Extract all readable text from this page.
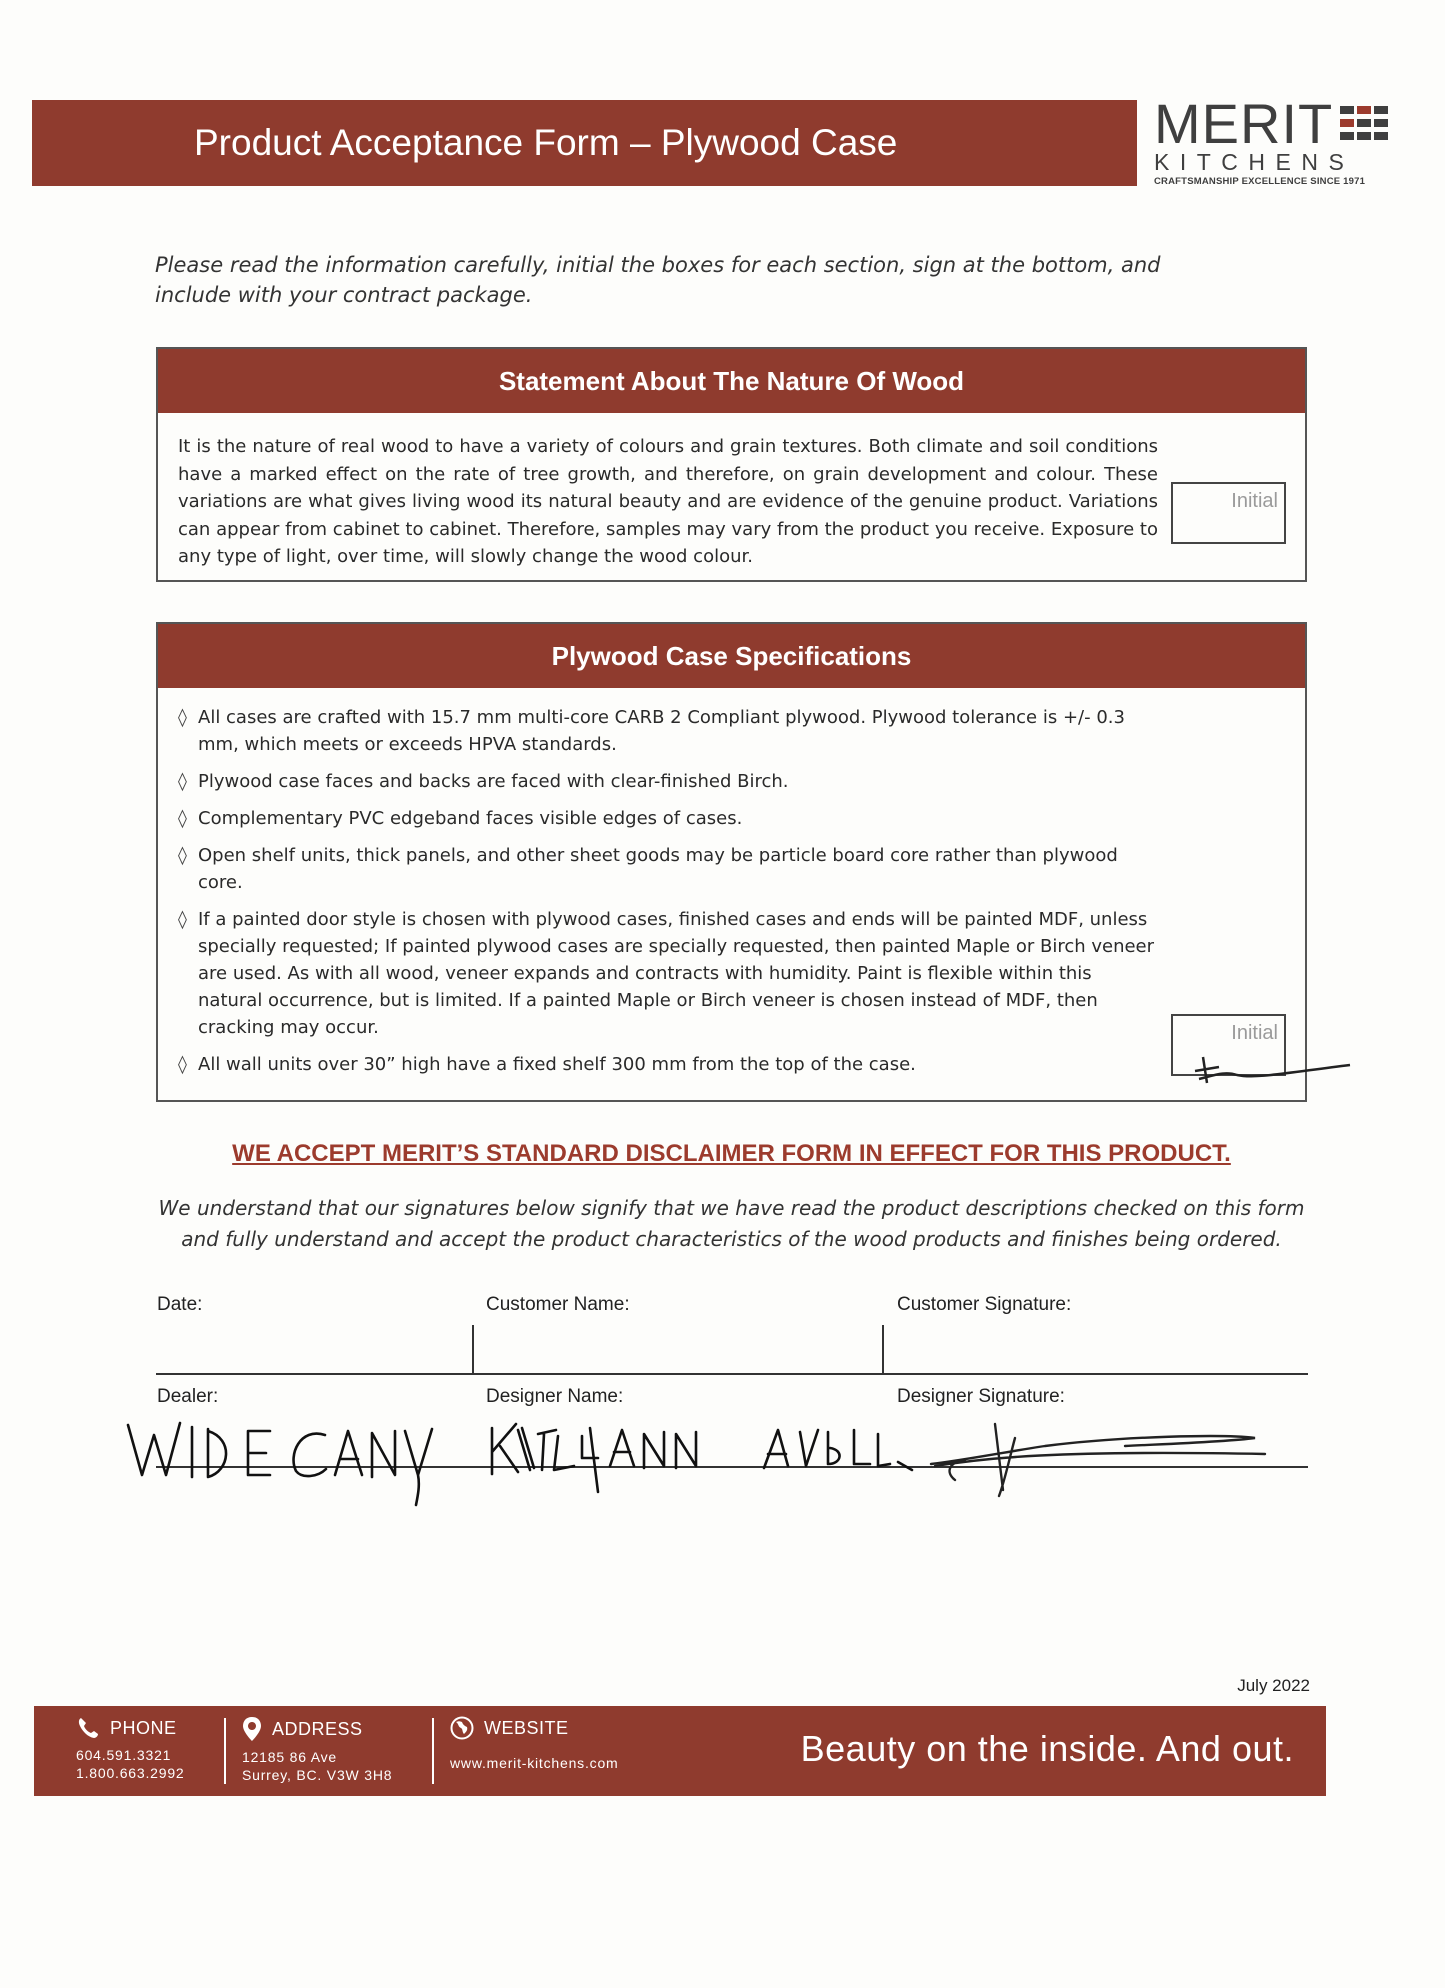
Product Acceptance Form – Plywood Case	MERIT
KITCHENS
CRAFTSMANSHIP EXCELLENCE SINCE 1971
Please read the information carefully, initial the boxes for each section, sign at the bottom, and include with your contract package.
Statement About The Nature Of Wood
It is the nature of real wood to have a variety of colours and grain textures. Both climate and soil conditions have a marked effect on the rate of tree growth, and therefore, on grain development and colour. These variations are what gives living wood its natural beauty and are evidence of the genuine product. Variations can appear from cabinet to cabinet. Therefore, samples may vary from the product you receive. Exposure to any type of light, over time, will slowly change the wood colour.
Initial
Plywood Case Specifications
◊ All cases are crafted with 15.7 mm multi-core CARB 2 Compliant plywood. Plywood tolerance is +/- 0.3 mm, which meets or exceeds HPVA standards.
◊ Plywood case faces and backs are faced with clear-finished Birch.
◊ Complementary PVC edgeband faces visible edges of cases.
◊ Open shelf units, thick panels, and other sheet goods may be particle board core rather than plywood core.
◊ If a painted door style is chosen with plywood cases, finished cases and ends will be painted MDF, unless specially requested; If painted plywood cases are specially requested, then painted Maple or Birch veneer are used. As with all wood, veneer expands and contracts with humidity. Paint is flexible within this natural occurrence, but is limited. If a painted Maple or Birch veneer is chosen instead of MDF, then cracking may occur.
◊ All wall units over 30” high have a fixed shelf 300 mm from the top of the case.
Initial
WE ACCEPT MERIT’S STANDARD DISCLAIMER FORM IN EFFECT FOR THIS PRODUCT.
We understand that our signatures below signify that we have read the product descriptions checked on this form and fully understand and accept the product characteristics of the wood products and finishes being ordered.
Date:	Customer Name:	Customer Signature:
Dealer:	Designer Name:	Designer Signature:
July 2022
PHONE
604.591.3321
1.800.663.2992
ADDRESS
12185 86 Ave
Surrey, BC. V3W 3H8
WEBSITE
www.merit-kitchens.com	Beauty on the inside. And out.
